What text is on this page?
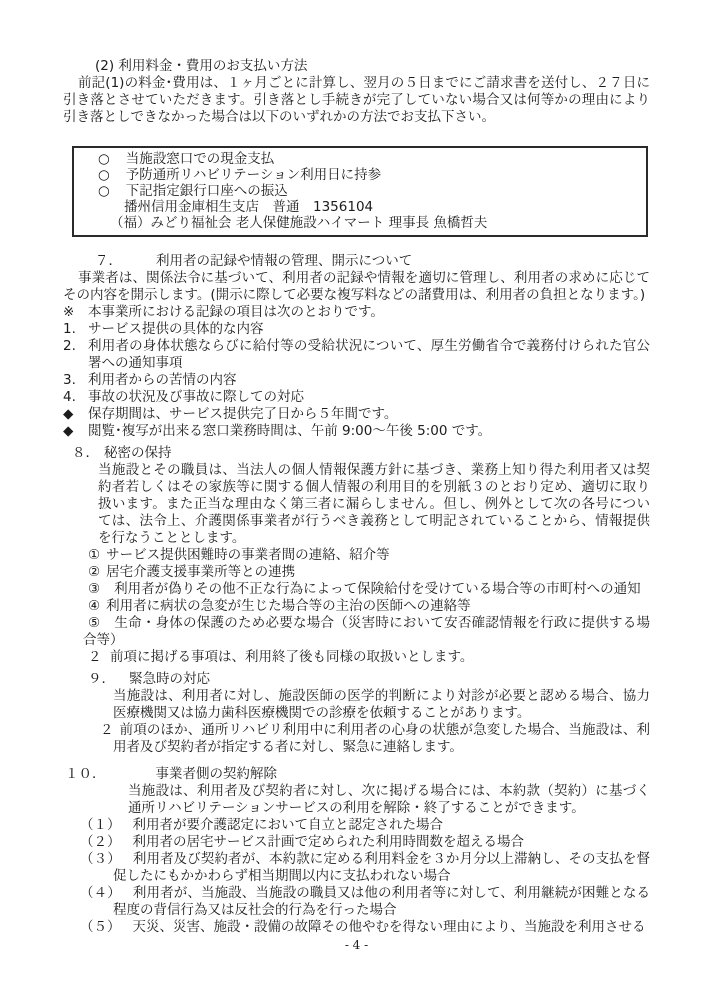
(2) 利用料金・費用のお支払い方法
前記(1)の料金･費用は、１ヶ月ごとに計算し、翌月の５日までにご請求書を送付し、２７日に引き落とさせていただきます。引き落とし手続きが完了していない場合又は何等かの理由により引き落としできなかった場合は以下のいずれかの方法でお支払下さい。
○ 当施設窓口での現金支払
○ 予防通所リハビリテーション利用日に持参
○ 下記指定銀行口座への振込
播州信用金庫相生支店　普通　1356104
（福）みどり福祉会 老人保健施設ハイマート 理事長 魚橋哲夫
７．	利用者の記録や情報の管理、開示について
事業者は、関係法令に基づいて、利用者の記録や情報を適切に管理し、利用者の求めに応じてその内容を開示します。(開示に際して必要な複写料などの諸費用は、利用者の負担となります。)
※	本事業所における記録の項目は次のとおりです。
1. サービス提供の具体的な内容
2. 利用者の身体状態ならびに給付等の受給状況について、厚生労働省令で義務付けられた官公署への通知事項
3. 利用者からの苦情の内容
4. 事故の状況及び事故に際しての対応
◆	保存期間は、サービス提供完了日から５年間です。
◆	閲覧･複写が出来る窓口業務時間は、午前 9:00～午後 5:00 です。
８． 秘密の保持
当施設とその職員は、当法人の個人情報保護方針に基づき、業務上知り得た利用者又は契約者若しくはその家族等に関する個人情報の利用目的を別紙３のとおり定め、適切に取り扱います。また正当な理由なく第三者に漏らしません。但し、例外として次の各号については、法令上、介護関係事業者が行うべき義務として明記されていることから、情報提供を行なうこととします。
① サービス提供困難時の事業者間の連絡、紹介等
② 居宅介護支援事業所等との連携
③ 利用者が偽りその他不正な行為によって保険給付を受けている場合等の市町村への通知
④ 利用者に病状の急変が生じた場合等の主治の医師への連絡等
⑤ 生命・身体の保護のため必要な場合（災害時において安否確認情報を行政に提供する場合等）
２ 前項に掲げる事項は、利用終了後も同様の取扱いとします。
９． 緊急時の対応
当施設は、利用者に対し、施設医師の医学的判断により対診が必要と認める場合、協力医療機関又は協力歯科医療機関での診療を依頼することがあります。
２ 前項のほか、通所リハビリ利用中に利用者の心身の状態が急変した場合、当施設は、利用者及び契約者が指定する者に対し、緊急に連絡します。
１０．	事業者側の契約解除
当施設は、利用者及び契約者に対し、次に掲げる場合には、本約款（契約）に基づく通所リハビリテーションサービスの利用を解除・終了することができます。
（１） 利用者が要介護認定において自立と認定された場合
（２） 利用者の居宅サービス計画で定められた利用時間数を超える場合
（３） 利用者及び契約者が、本約款に定める利用料金を３か月分以上滞納し、その支払を督促したにもかかわらず相当期間以内に支払われない場合
（４） 利用者が、当施設、当施設の職員又は他の利用者等に対して、利用継続が困難となる程度の背信行為又は反社会的行為を行った場合
（５） 天災、災害、施設・設備の故障その他やむを得ない理由により、当施設を利用させる
- 4 -
